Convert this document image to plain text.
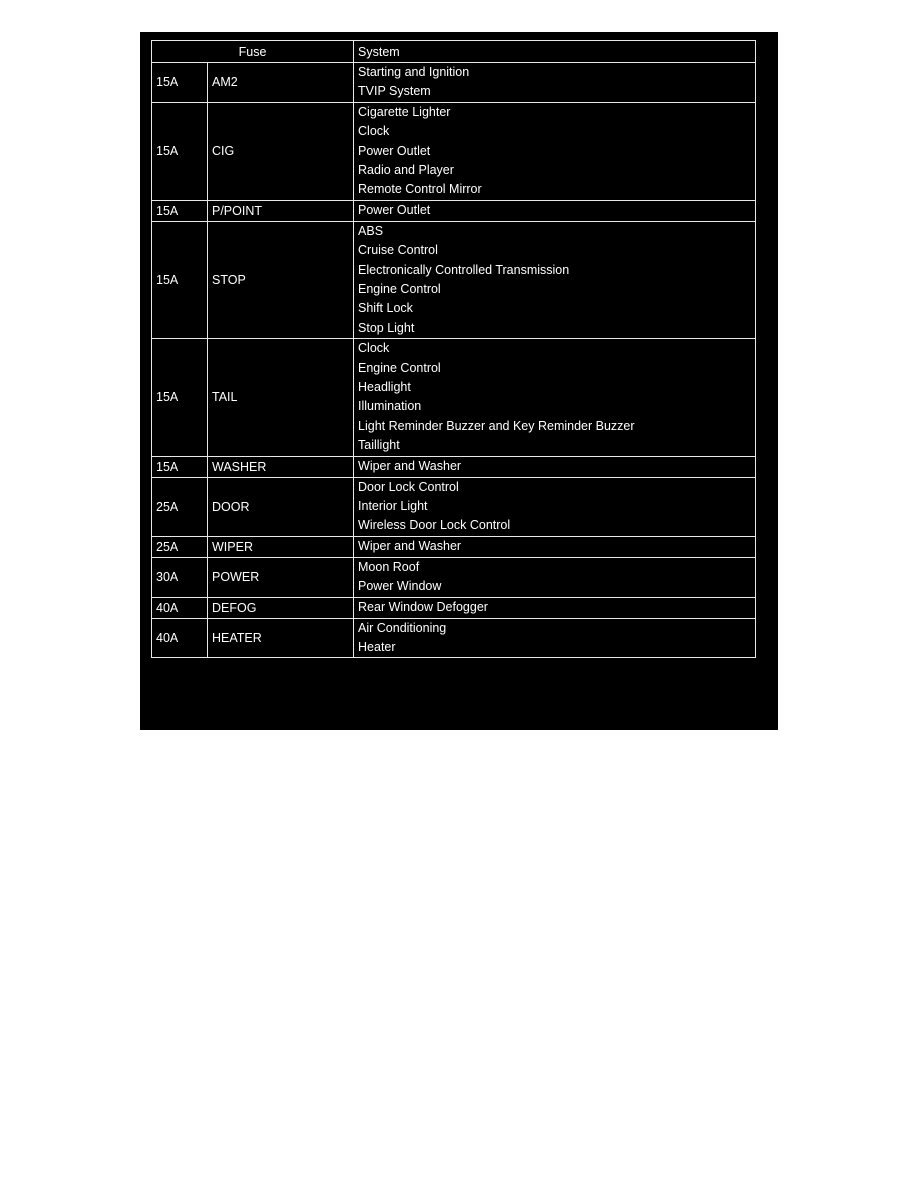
Fuse		System
15A	AM2	Starting and Ignition
TVIP System

15A	CIG	Cigarette Lighter
Clock
Power Outlet
Radio and Player
Remote Control Mirror

15A	P/POINT	Power Outlet

15A	STOP	
ABS
Cruise Control
Electronically Controlled Transmission
Engine Control
Shift Lock
Stop Light

15A	TAIL	
Clock
Engine Control
Headlight
Illumination
Light Reminder Buzzer and Key Reminder Buzzer
Taillight

15A	WASHER	Wiper and Washer

25A	DOOR	Door Lock Control
Interior Light
Wireless Door Lock Control

25A	WIPER	Wiper and Washer

30A	POWER	Moon Roof
Power Window

40A	DEFOG	Rear Window Defogger

40A	HEATER	Air Conditioning
Heater
